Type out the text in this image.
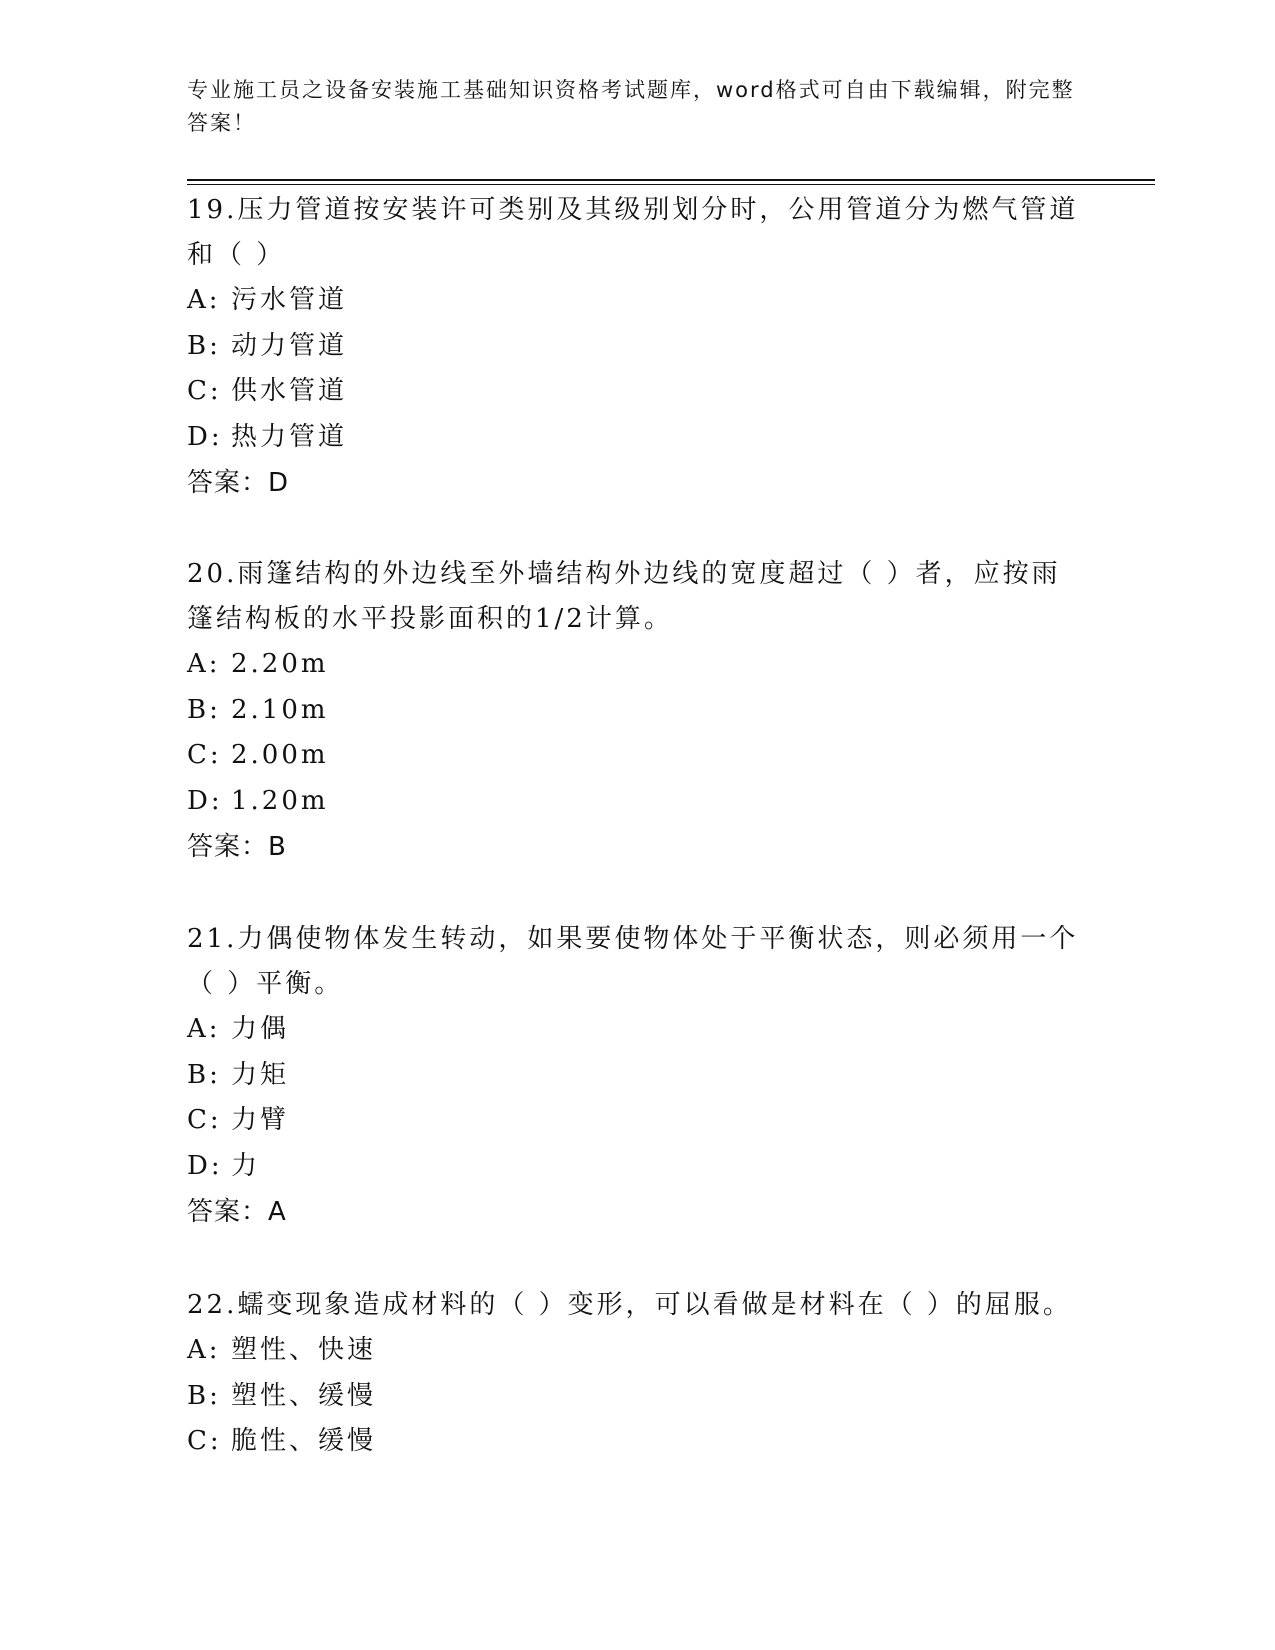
专业施工员之设备安装施工基础知识资格考试题库，word格式可自由下载编辑，附完整答案！

19.压力管道按安装许可类别及其级别划分时，公用管道分为燃气管道和（ ）

A: 污水管道
B: 动力管道
C: 供水管道
D: 热力管道
答案：D

20.雨篷结构的外边线至外墙结构外边线的宽度超过（ ）者，应按雨篷结构板的水平投影面积的1/2计算。

A: 2.20m
B: 2.10m
C: 2.00m
D: 1.20m
答案：B

21.力偶使物体发生转动，如果要使物体处于平衡状态，则必须用一个（ ）平衡。

A: 力偶
B: 力矩
C: 力臂
D: 力
答案：A

22.蠕变现象造成材料的（ ）变形，可以看做是材料在（ ）的屈服。

A: 塑性、快速
B: 塑性、缓慢
C: 脆性、缓慢
